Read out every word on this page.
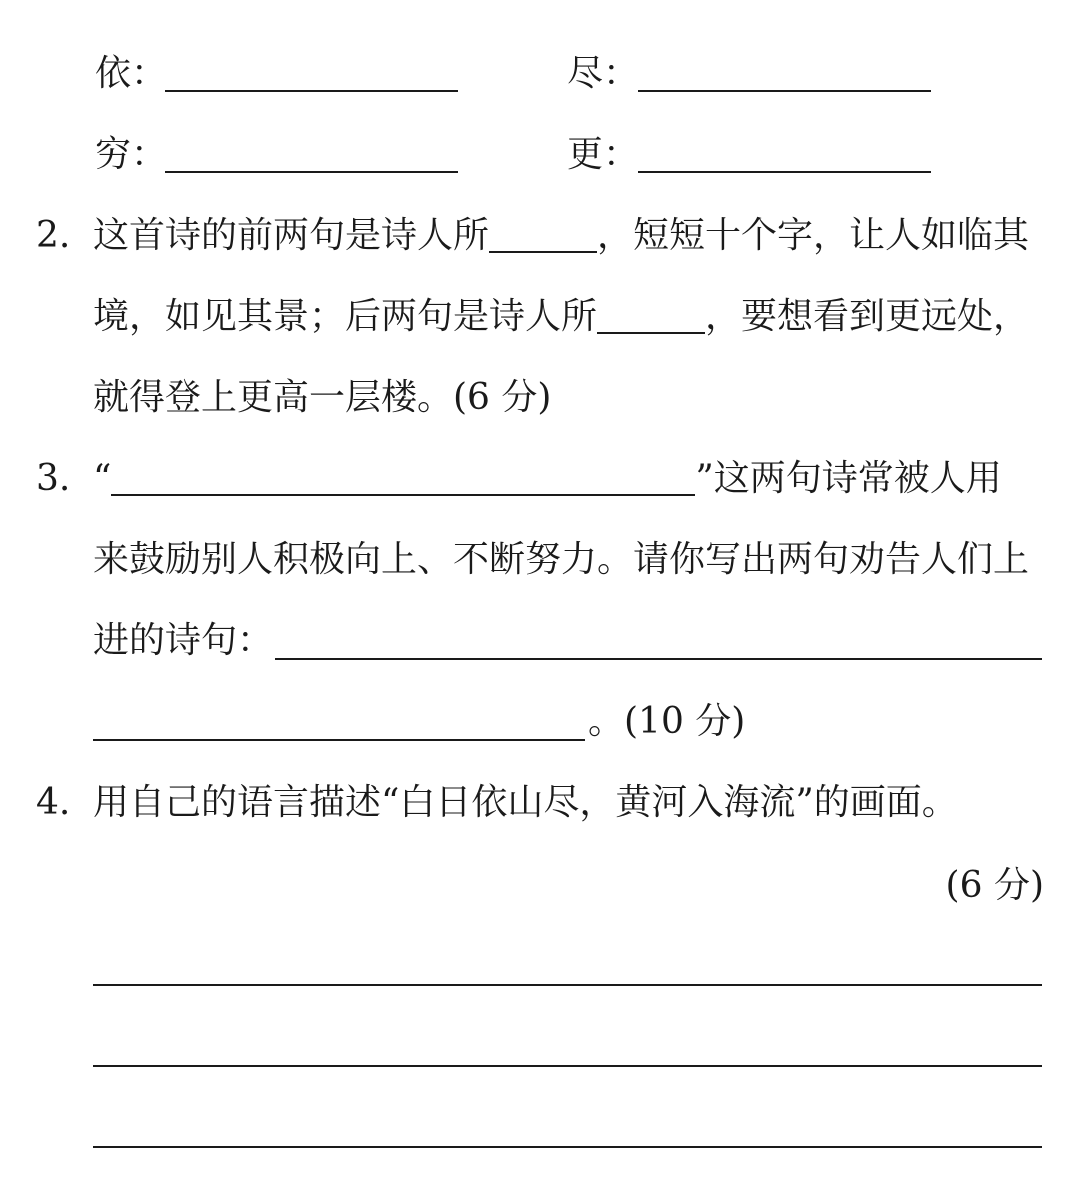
依：	尽：
穷：	更：
2. 这首诗的前两句是诗人所	，短短十个字，让人如临其
境，如见其景；后两句是诗人所	，要想看到更远处，
就得登上更高一层楼。(6 分)
3. “	”这两句诗常被人用
来鼓励别人积极向上、不断努力。请你写出两句劝告人们上
进的诗句：
。(10 分)
4. 用自己的语言描述“白日依山尽，黄河入海流”的画面。
(6 分)
